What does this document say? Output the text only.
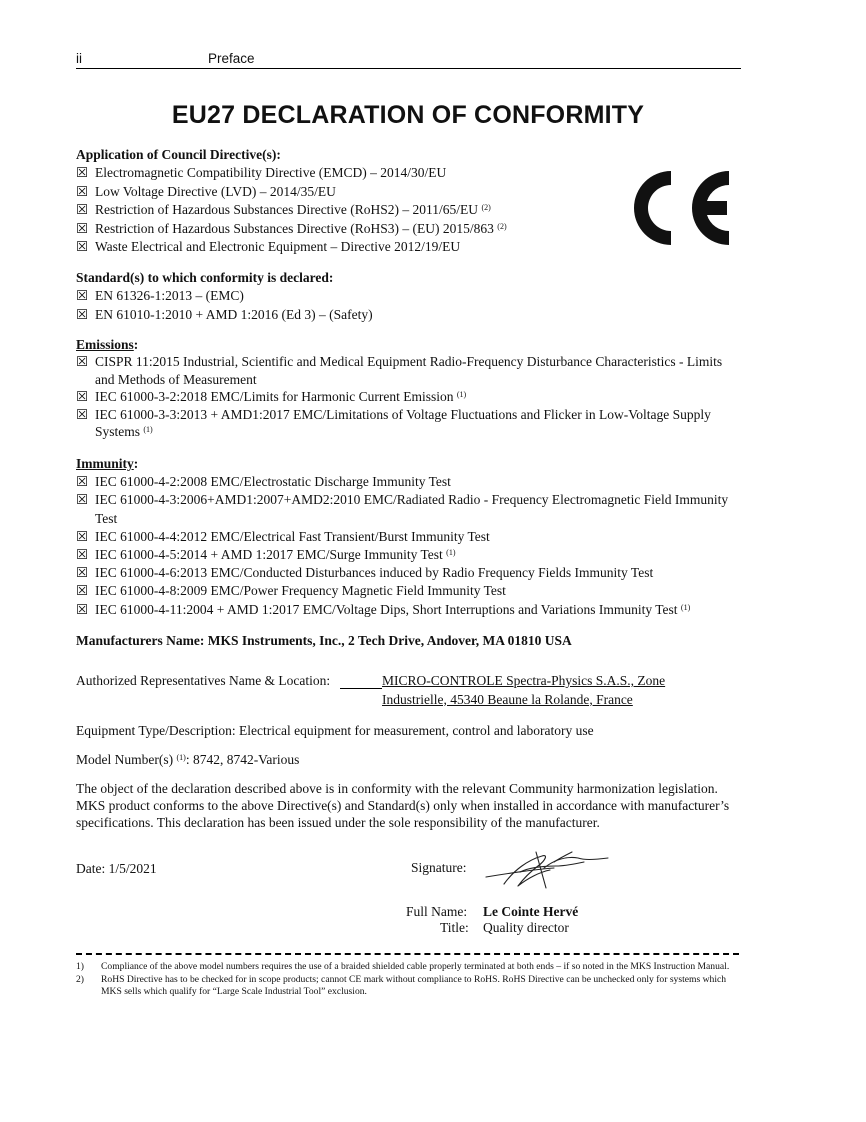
ii	Preface
EU27 DECLARATION OF CONFORMITY
CE
Application of Council Directive(s):
☒ Electromagnetic Compatibility Directive (EMCD) – 2014/30/EU
☒ Low Voltage Directive (LVD) – 2014/35/EU
☒ Restriction of Hazardous Substances Directive (RoHS2) – 2011/65/EU $^{(2)}$
☒ Restriction of Hazardous Substances Directive (RoHS3) – (EU) 2015/863 $^{(2)}$
☒ Waste Electrical and Electronic Equipment – Directive 2012/19/EU
Standard(s) to which conformity is declared:
☒ EN 61326-1:2013 – (EMC)
☒ EN 61010-1:2010 + AMD 1:2016 (Ed 3) – (Safety)
Emissions:
☒ CISPR 11:2015 Industrial, Scientific and Medical Equipment Radio-Frequency Disturbance Characteristics - Limits and Methods of Measurement
☒ IEC 61000-3-2:2018 EMC/Limits for Harmonic Current Emission $^{(1)}$
☒ IEC 61000-3-3:2013 + AMD1:2017 EMC/Limitations of Voltage Fluctuations and Flicker in Low-Voltage Supply Systems $^{(1)}$
Immunity:
☒ IEC 61000-4-2:2008 EMC/Electrostatic Discharge Immunity Test
☒ IEC 61000-4-3:2006+AMD1:2007+AMD2:2010 EMC/Radiated Radio - Frequency Electromagnetic Field Immunity Test
☒ IEC 61000-4-4:2012 EMC/Electrical Fast Transient/Burst Immunity Test
☒ IEC 61000-4-5:2014 + AMD 1:2017 EMC/Surge Immunity Test $^{(1)}$
☒ IEC 61000-4-6:2013 EMC/Conducted Disturbances induced by Radio Frequency Fields Immunity Test
☒ IEC 61000-4-8:2009 EMC/Power Frequency Magnetic Field Immunity Test
☒ IEC 61000-4-11:2004 + AMD 1:2017 EMC/Voltage Dips, Short Interruptions and Variations Immunity Test $^{(1)}$
Manufacturers Name: MKS Instruments, Inc., 2 Tech Drive, Andover, MA 01810 USA
Authorized Representatives Name & Location:	MICRO-CONTROLE Spectra-Physics S.A.S., Zone
Industrielle, 45340 Beaune la Rolande, France
Equipment Type/Description: Electrical equipment for measurement, control and laboratory use
Model Number(s) $^{(1)}$: 8742, 8742-Various
The object of the declaration described above is in conformity with the relevant Community harmonization legislation. MKS product conforms to the above Directive(s) and Standard(s) only when installed in accordance with manufacturer’s specifications. This declaration has been issued under the sole responsibility of the manufacturer.
Date: 1/5/2021	Signature:
Full Name: Le Cointe Hervé
Title: Quality director
1) Compliance of the above model numbers requires the use of a braided shielded cable properly terminated at both ends – if so noted in the MKS Instruction Manual.
2) RoHS Directive has to be checked for in scope products; cannot CE mark without compliance to RoHS. RoHS Directive can be unchecked only for systems which MKS sells which qualify for “Large Scale Industrial Tool” exclusion.
